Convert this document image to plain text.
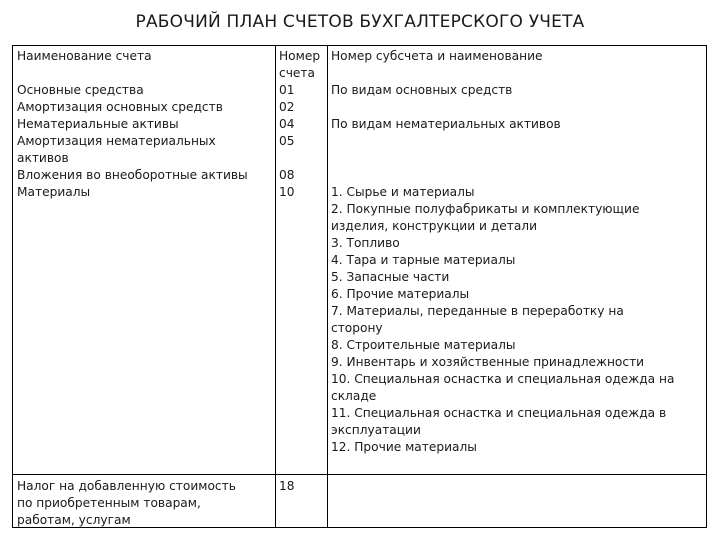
РАБОЧИЙ ПЛАН СЧЕТОВ БУХГАЛТЕРСКОГО УЧЕТА
Наименование счета	Номер
счета
Номер субсчета и наименование
Основные средства
Амортизация основных средств
Нематериальные активы
Амортизация нематериальных
активов
Вложения во внеоборотные активы
Материалы
01
02
04
05
08
10
По видам основных средств
По видам нематериальных активов
1. Сырье и материалы
2. Покупные полуфабрикаты и комплектующие
изделия, конструкции и детали
3. Топливо
4. Тара и тарные материалы
5. Запасные части
6. Прочие материалы
7. Материалы, переданные в переработку на
сторону
8. Строительные материалы
9. Инвентарь и хозяйственные принадлежности
10. Специальная оснастка и специальная одежда на
складе
11. Специальная оснастка и специальная одежда в
эксплуатации
12. Прочие материалы
Налог на добавленную стоимость
по приобретенным товарам,
работам, услугам
18
